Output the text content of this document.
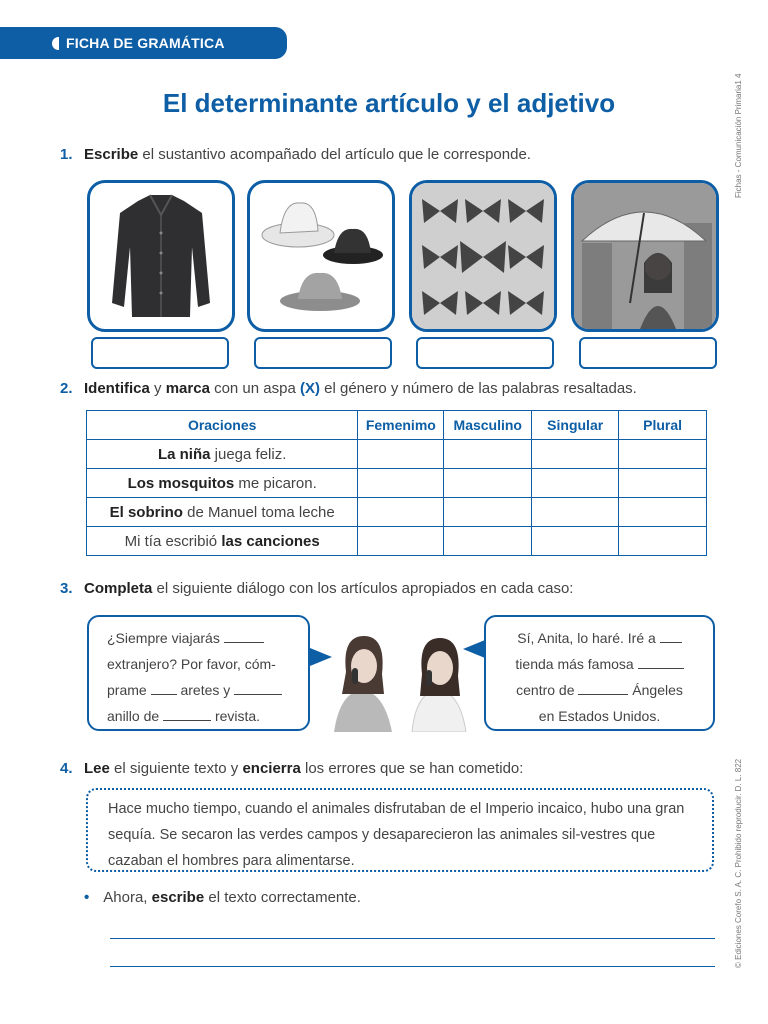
FICHA DE GRAMÁTICA
Fichas - Comunicación Primaria1 4
© Ediciones Corefo S. A. C. Prohibido reproducir. D. L. 822
El determinante artículo y el adjetivo
1. Escribe el sustantivo acompañado del artículo que le corresponde.
2. Identifica y marca con un aspa (X) el género y número de las palabras resaltadas.
Oraciones	Femenimo	Masculino	Singular	Plural
La niña juega feliz.				
Los mosquitos me picaron.				
El sobrino de Manuel toma leche				
Mi tía escribió las canciones				
3. Completa el siguiente diálogo con los artículos apropiados en cada caso:
¿Siempre viajarás
extranjero? Por favor, cóm-
prame aretes y
anillo de	revista.
Sí, Anita, lo haré. Iré a
tienda más famosa
centro de	Ángeles
en Estados Unidos.
4. Lee el siguiente texto y encierra los errores que se han cometido:
Hace mucho tiempo, cuando el animales disfrutaban de el Imperio incaico, hubo una gran sequía. Se secaron las verdes campos y desaparecieron las animales sil-vestres que cazaban el hombres para alimentarse.
• Ahora, escribe el texto correctamente.
